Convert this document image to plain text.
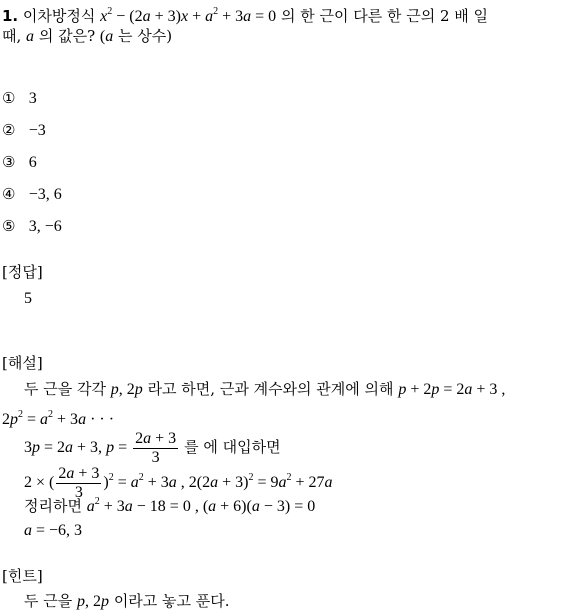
1. 이차방정식 $x^2 - (2a + 3)x + a^2 + 3a = 0$ 의 한 근이 다른 한 근의 2 배 일
때, a 의 값은? (a 는 상수)
① 3
② −3
③ 6
④ −3, 6
⑤ 3, −6
[정답]
5
[해설]
두 근을 각각 p, 2p 라고 하면, 근과 계수와의 관계에 의해 p + 2p = 2a + 3 ,
$2p^2 = a^2 + 3a$ · · ·
3p = 2a + 3, $p = \frac{2a + 3}{3}$ 를 에 대입하면
2 × ( $\frac{2a + 3}{3} )^2 = a^2 + 3a$ , $2(2a + 3)^2 = 9a^2 + 27a$
정리하면 $a^2 + 3a - 18 = 0$ , (a + 6)(a − 3) = 0
a = −6, 3
[힌트]
두 근을 p, 2p 이라고 놓고 푼다.
